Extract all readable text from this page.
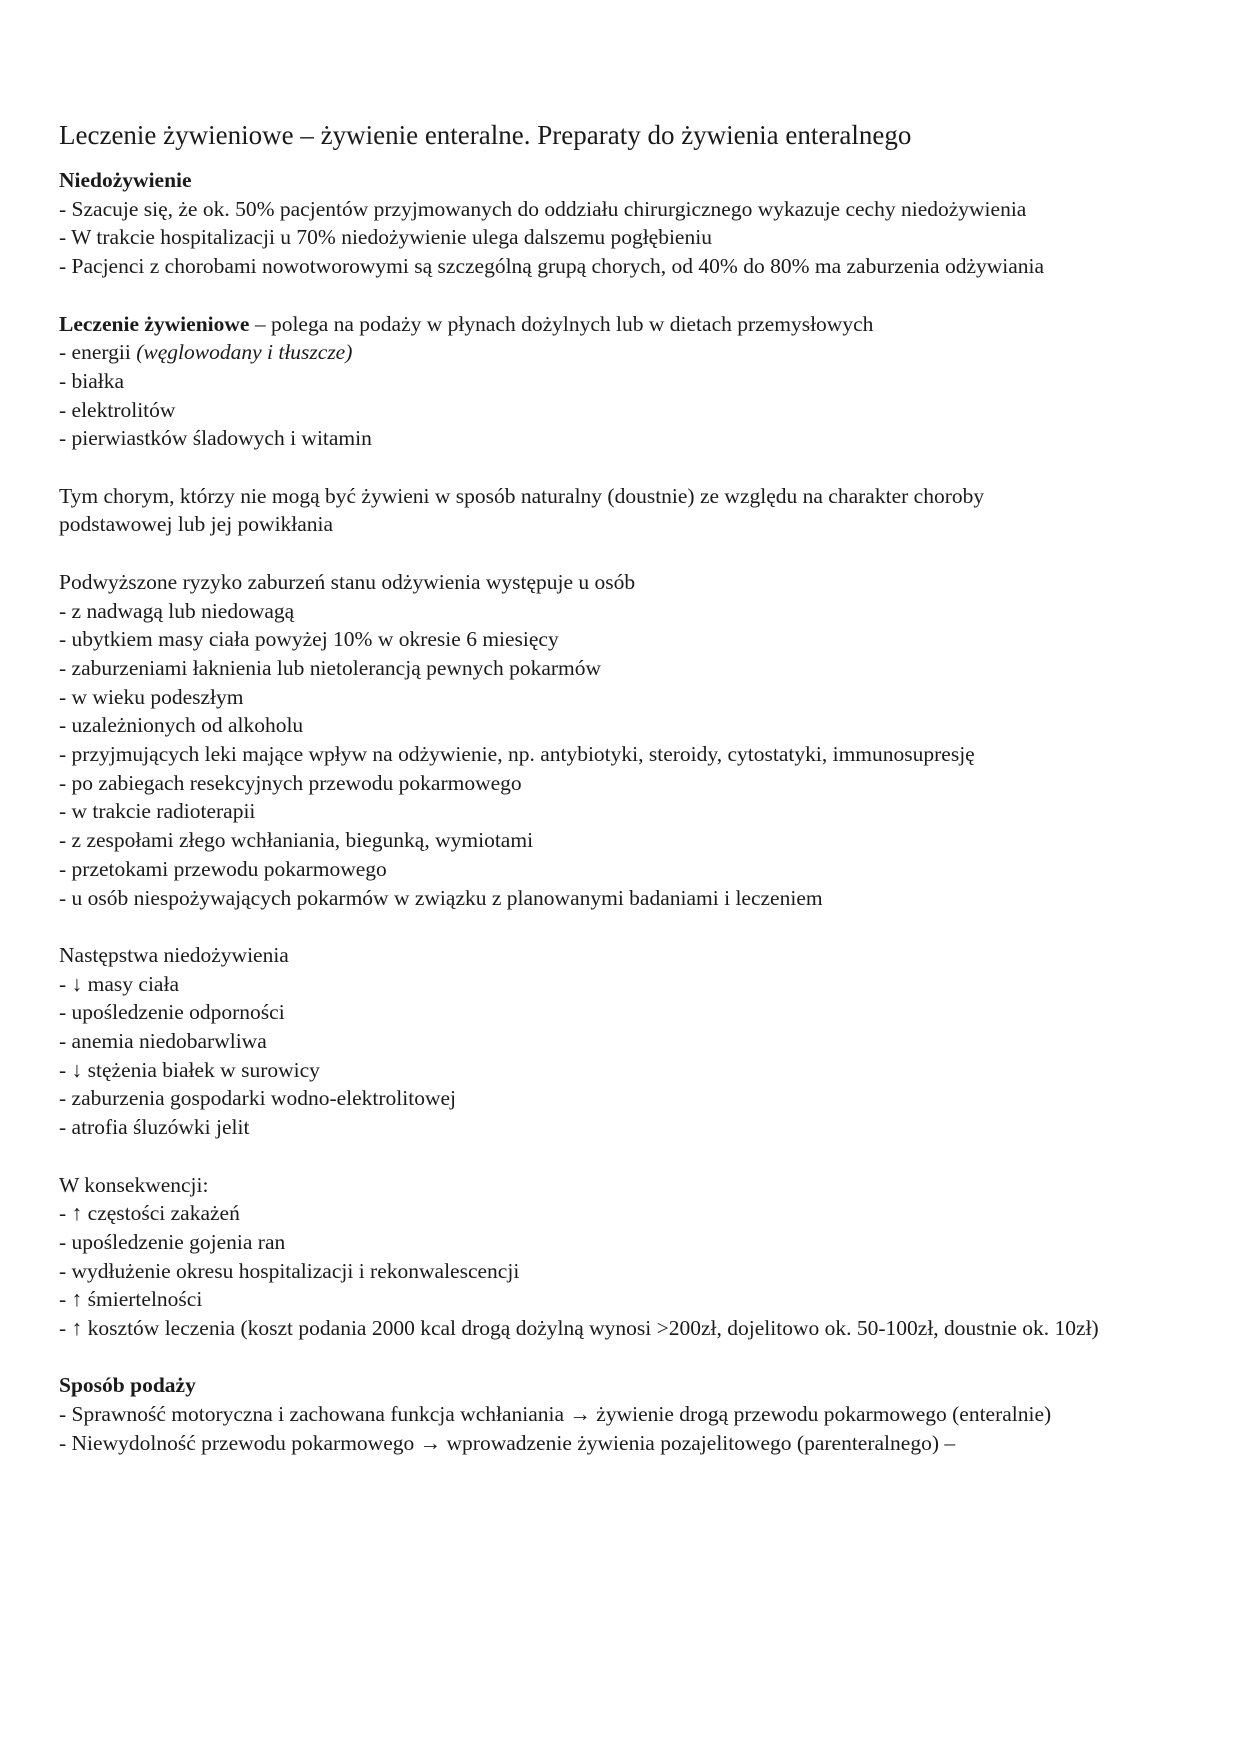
Leczenie żywieniowe – żywienie enteralne. Preparaty do żywienia enteralnego
Niedożywienie
- Szacuje się, że ok. 50% pacjentów przyjmowanych do oddziału chirurgicznego wykazuje cechy niedożywienia
- W trakcie hospitalizacji u 70% niedożywienie ulega dalszemu pogłębieniu
- Pacjenci z chorobami nowotworowymi są szczególną grupą chorych, od 40% do 80% ma zaburzenia odżywiania
Leczenie żywieniowe – polega na podaży w płynach dożylnych lub w dietach przemysłowych
- energii (węglowodany i tłuszcze)
- białka
- elektrolitów
- pierwiastków śladowych i witamin
Tym chorym, którzy nie mogą być żywieni w sposób naturalny (doustnie) ze względu na charakter choroby podstawowej lub jej powikłania
Podwyższone ryzyko zaburzeń stanu odżywienia występuje u osób
- z nadwagą lub niedowagą
- ubytkiem masy ciała powyżej 10% w okresie 6 miesięcy
- zaburzeniami łaknienia lub nietolerancją pewnych pokarmów
- w wieku podeszłym
- uzależnionych od alkoholu
- przyjmujących leki mające wpływ na odżywienie, np. antybiotyki, steroidy, cytostatyki, immunosupresję
- po zabiegach resekcyjnych przewodu pokarmowego
- w trakcie radioterapii
- z zespołami złego wchłaniania, biegunką, wymiotami
- przetokami przewodu pokarmowego
- u osób niespożywających pokarmów w związku z planowanymi badaniami i leczeniem
Następstwa niedożywienia
- ↓ masy ciała
- upośledzenie odporności
- anemia niedobarwliwa
- ↓ stężenia białek w surowicy
- zaburzenia gospodarki wodno-elektrolitowej
- atrofia śluzówki jelit
W konsekwencji:
- ↑ częstości zakażeń
- upośledzenie gojenia ran
- wydłużenie okresu hospitalizacji i rekonwalescencji
- ↑ śmiertelności
- ↑ kosztów leczenia (koszt podania 2000 kcal drogą dożylną wynosi >200zł, dojelitowo ok. 50-100zł, doustnie ok. 10zł)
Sposób podaży
- Sprawność motoryczna i zachowana funkcja wchłaniania → żywienie drogą przewodu pokarmowego (enteralnie)
- Niewydolność przewodu pokarmowego → wprowadzenie żywienia pozajelitowego (parenteralnego) –
